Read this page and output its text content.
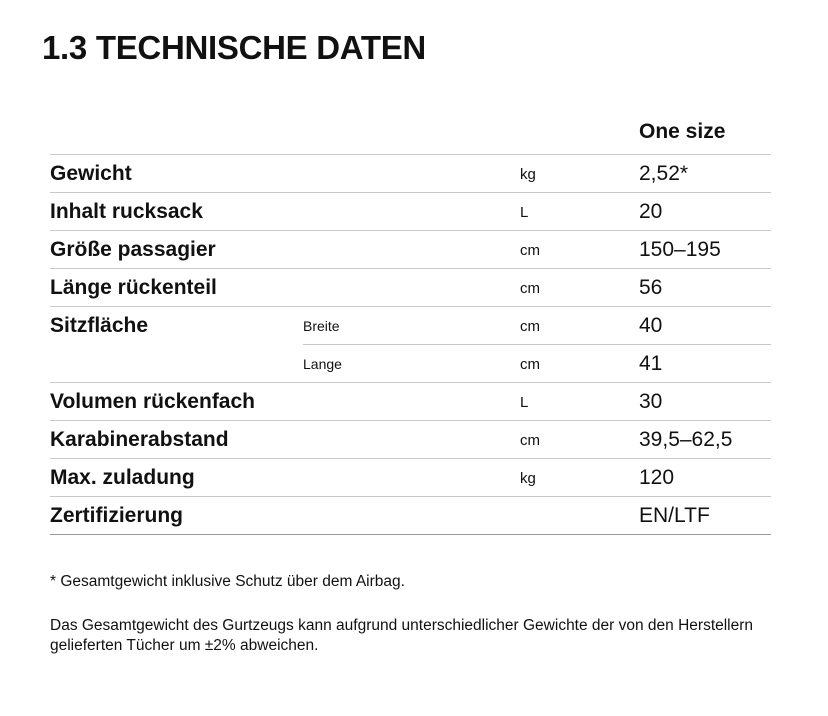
1.3 TECHNISCHE DATEN
One size
Gewicht	kg	2,52*
Inhalt rucksack	L	20
Größe passagier	cm	150–195
Länge rückenteil	cm	56
Sitzfläche	Breite	cm	40
Lange	cm	41
Volumen rückenfach	L	30
Karabinerabstand	cm	39,5–62,5
Max. zuladung	kg	120
Zertifizierung	EN/LTF

* Gesamtgewicht inklusive Schutz über dem Airbag.

Das Gesamtgewicht des Gurtzeugs kann aufgrund unterschiedlicher Gewichte der von den Herstellern gelieferten Tücher um ±2% abweichen.
